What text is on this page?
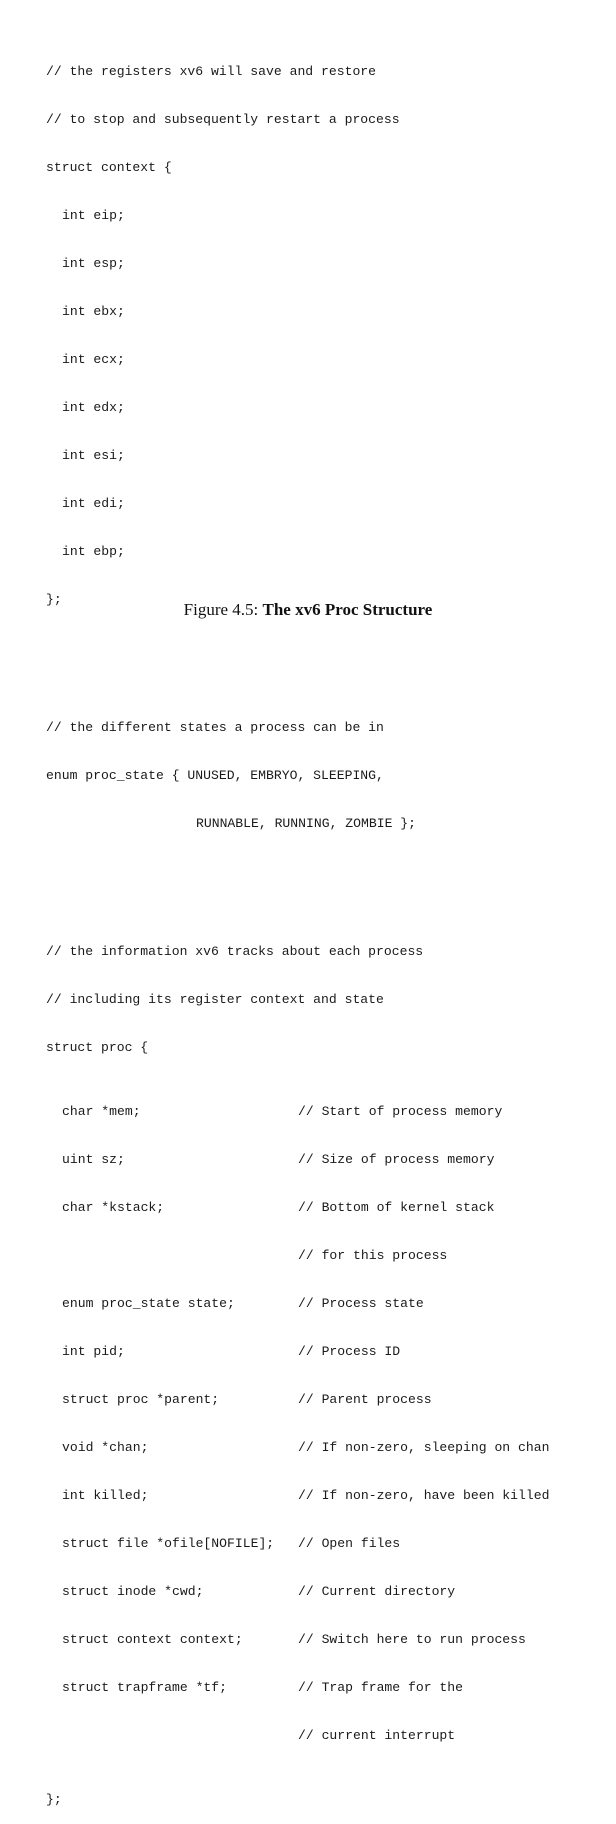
// the registers xv6 will save and restore

// to stop and subsequently restart a process

struct context {

int eip;

int esp;

int ebx;

int ecx;

int edx;

int esi;

int edi;

int ebp;

};

// the different states a process can be in

enum proc_state { UNUSED, EMBRYO, SLEEPING,

RUNNABLE, RUNNING, ZOMBIE };

// the information xv6 tracks about each process

// including its register context and state

struct proc {

char *mem;	// Start of process memory

uint sz;	// Size of process memory

char *kstack;	// Bottom of kernel stack

// for this process

enum proc_state state;	// Process state

int pid;	// Process ID

struct proc *parent;	// Parent process

void *chan;	// If non-zero, sleeping on chan

int killed;	// If non-zero, have been killed

struct file *ofile[NOFILE]; // Open files

struct inode *cwd;	// Current directory

struct context context;	// Switch here to run process

struct trapframe *tf;	// Trap frame for the

// current interrupt

};

Figure 4.5: The xv6 Proc Structure
